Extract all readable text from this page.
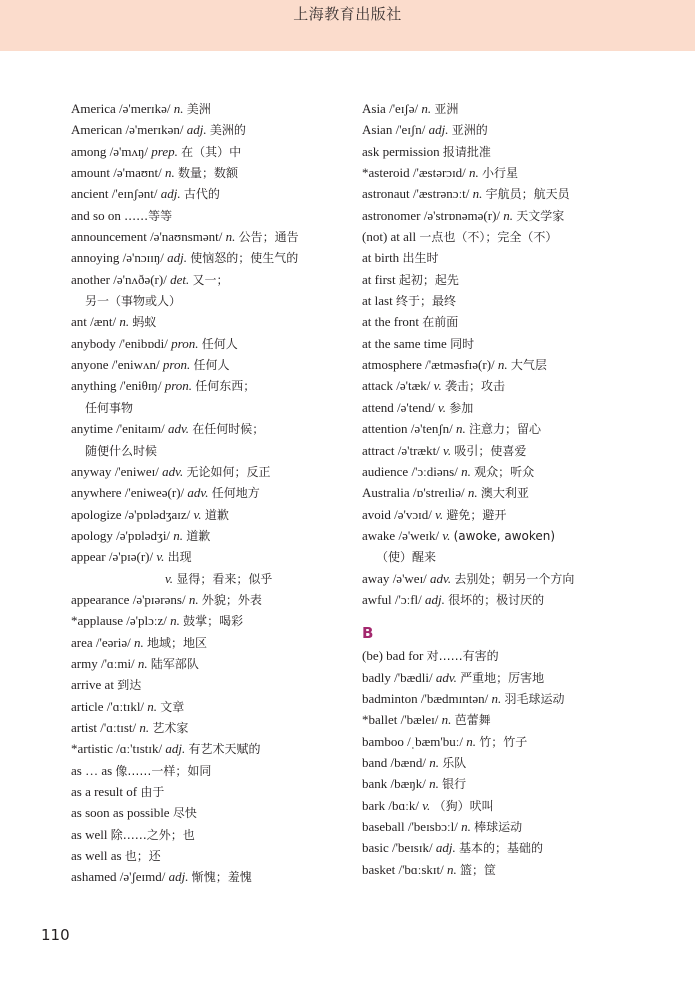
上海教育出版社
America /ə'merɪkə/ n. 美洲
American /ə'merɪkən/ adj. 美洲的
among /ə'mʌŋ/ prep. 在（其）中
amount /ə'maʊnt/ n. 数量；数额
ancient /'eɪnʃənt/ adj. 古代的
and so on ……等等
announcement /ə'naʊnsmənt/ n. 公告；通告
annoying /ə'nɔɪɪŋ/ adj. 使恼怒的；使生气的
another /ə'nʌðə(r)/ det. 又一；
另一（事物或人）
ant /ænt/ n. 蚂蚁
anybody /'enibɒdi/ pron. 任何人
anyone /'eniwʌn/ pron. 任何人
anything /'eniθɪŋ/ pron. 任何东西；
任何事物
anytime /'enitaɪm/ adv. 在任何时候；
随便什么时候
anyway /'eniweɪ/ adv. 无论如何；反正
anywhere /'eniweə(r)/ adv. 任何地方
apologize /ə'pɒlədʒaɪz/ v. 道歉
apology /ə'pɒlədʒi/ n. 道歉
appear /ə'pɪə(r)/ v. 出现
v. 显得；看来；似乎
appearance /ə'pɪərəns/ n. 外貌；外表
*applause /ə'plɔːz/ n. 鼓掌；喝彩
area /'eəriə/ n. 地域；地区
army /'ɑːmi/ n. 陆军部队
arrive at 到达
article /'ɑːtɪkl/ n. 文章
artist /'ɑːtɪst/ n. 艺术家
*artistic /ɑː'tɪstɪk/ adj. 有艺术天赋的
as … as 像……一样；如同
as a result of 由于
as soon as possible 尽快
as well 除……之外；也
as well as 也；还
ashamed /ə'ʃeɪmd/ adj. 惭愧；羞愧
Asia /'eɪʃə/ n. 亚洲
Asian /'eɪʃn/ adj. 亚洲的
ask permission 报请批准
*asteroid /'æstərɔɪd/ n. 小行星
astronaut /'æstrənɔːt/ n. 宇航员；航天员
astronomer /ə'strɒnəmə(r)/ n. 天文学家
(not) at all 一点也（不）；完全（不）
at birth 出生时
at first 起初；起先
at last 终于；最终
at the front 在前面
at the same time 同时
atmosphere /'ætməsfɪə(r)/ n. 大气层
attack /ə'tæk/ v. 袭击；攻击
attend /ə'tend/ v. 参加
attention /ə'tenʃn/ n. 注意力；留心
attract /ə'trækt/ v. 吸引；使喜爱
audience /'ɔːdiəns/ n. 观众；听众
Australia /ɒ'streɪliə/ n. 澳大利亚
avoid /ə'vɔɪd/ v. 避免；避开
awake /ə'weɪk/ v. (awoke, awoken)
（使）醒来
away /ə'weɪ/ adv. 去别处；朝另一个方向
awful /'ɔːfl/ adj. 很坏的；极讨厌的
B
(be) bad for 对……有害的
badly /'bædli/ adv. 严重地；厉害地
badminton /'bædmɪntən/ n. 羽毛球运动
*ballet /'bæleɪ/ n. 芭蕾舞
bamboo /ˌbæm'buː/ n. 竹；竹子
band /bænd/ n. 乐队
bank /bæŋk/ n. 银行
bark /bɑːk/ v. （狗）吠叫
baseball /'beɪsbɔːl/ n. 棒球运动
basic /'beɪsɪk/ adj. 基本的；基础的
basket /'bɑːskɪt/ n. 篮；筐
110
